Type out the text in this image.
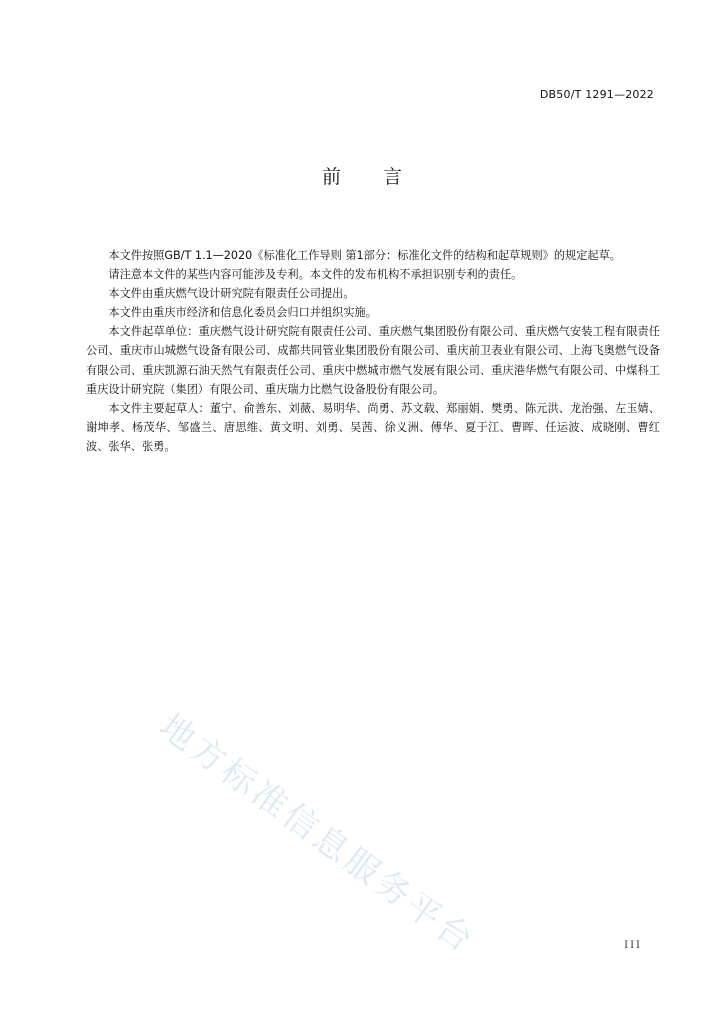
DB50/T 1291—2022
前 言

本文件按照GB/T 1.1—2020《标准化工作导则 第1部分：标准化文件的结构和起草规则》的规定起草。

请注意本文件的某些内容可能涉及专利。本文件的发布机构不承担识别专利的责任。

本文件由重庆燃气设计研究院有限责任公司提出。

本文件由重庆市经济和信息化委员会归口并组织实施。

本文件起草单位：重庆燃气设计研究院有限责任公司、重庆燃气集团股份有限公司、重庆燃气安装工程有限责任公司、重庆市山城燃气设备有限公司、成都共同管业集团股份有限公司、重庆前卫表业有限公司、上海飞奥燃气设备有限公司、重庆凯源石油天然气有限责任公司、重庆中燃城市燃气发展有限公司、重庆港华燃气有限公司、中煤科工重庆设计研究院（集团）有限公司、重庆瑞力比燃气设备股份有限公司。

本文件主要起草人：董宁、俞善东、刘薇、易明华、尚勇、苏文载、郑丽娟、樊勇、陈元洪、龙治强、左玉婧、谢坤孝、杨茂华、邹盛兰、唐思维、黄文明、刘勇、吴茜、徐义洲、傅华、夏于江、曹晖、任运波、成晓刚、曹红波、张华、张勇。

地方标准信息服务平台	III
